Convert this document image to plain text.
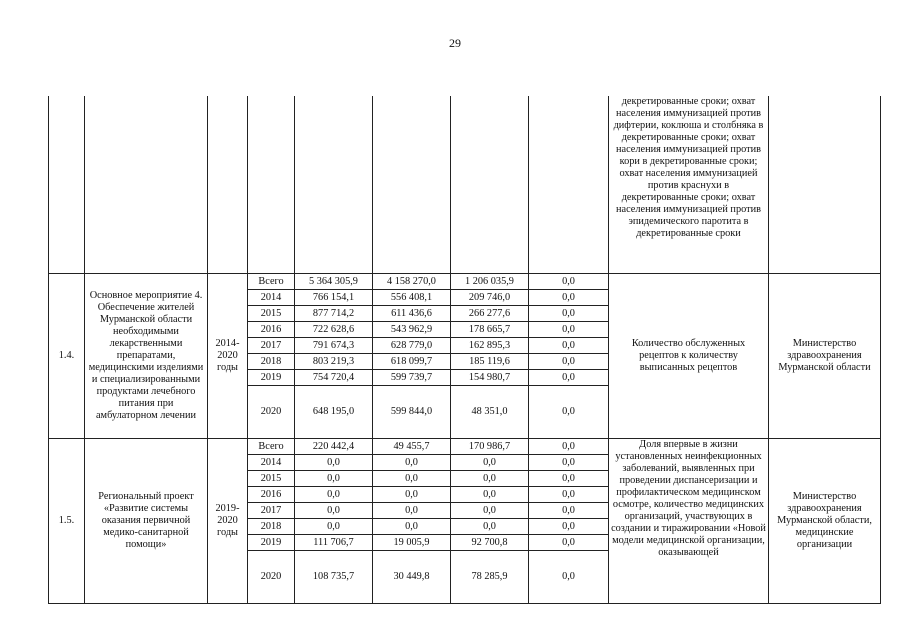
29
								декретированные сроки; охват населения иммунизацией против дифтерии, коклюша и столбняка в декретированные сроки; охват населения иммунизацией против кори в декретированные сроки; охват населения иммунизацией против краснухи в декретированные сроки; охват населения иммунизацией против эпидемического паротита в декретированные сроки	
1.4.	Основное мероприятие 4. Обеспечение жителей Мурманской области необходимыми лекарственными препаратами, медицинскими изделиями и специализированными продуктами лечебного питания при амбулаторном лечении	2014-2020 годы	Всего	5 364 305,9	4 158 270,0	1 206 035,9	0,0	Количество обслуженных рецептов к количеству выписанных рецептов	Министерство здравоохранения Мурманской области
			2014	766 154,1	556 408,1	209 746,0	0,0		
			2015	877 714,2	611 436,6	266 277,6	0,0		
			2016	722 628,6	543 962,9	178 665,7	0,0		
			2017	791 674,3	628 779,0	162 895,3	0,0		
			2018	803 219,3	618 099,7	185 119,6	0,0		
			2019	754 720,4	599 739,7	154 980,7	0,0		
			2020	648 195,0	599 844,0	48 351,0	0,0		
1.5.	Региональный проект «Развитие системы оказания первичной медико-санитарной помощи»	2019-2020 годы	Всего	220 442,4	49 455,7	170 986,7	0,0	Доля впервые в жизни установленных неинфекционных заболеваний, выявленных при проведении диспансеризации и профилактическом медицинском осмотре, количество медицинских организаций, участвующих в создании и тиражировании «Новой модели медицинской организации, оказывающей	Министерство здравоохранения Мурманской области, медицинские организации
			2014	0,0	0,0	0,0	0,0		
			2015	0,0	0,0	0,0	0,0		
			2016	0,0	0,0	0,0	0,0		
			2017	0,0	0,0	0,0	0,0		
			2018	0,0	0,0	0,0	0,0		
			2019	111 706,7	19 005,9	92 700,8	0,0		
			2020	108 735,7	30 449,8	78 285,9	0,0		
